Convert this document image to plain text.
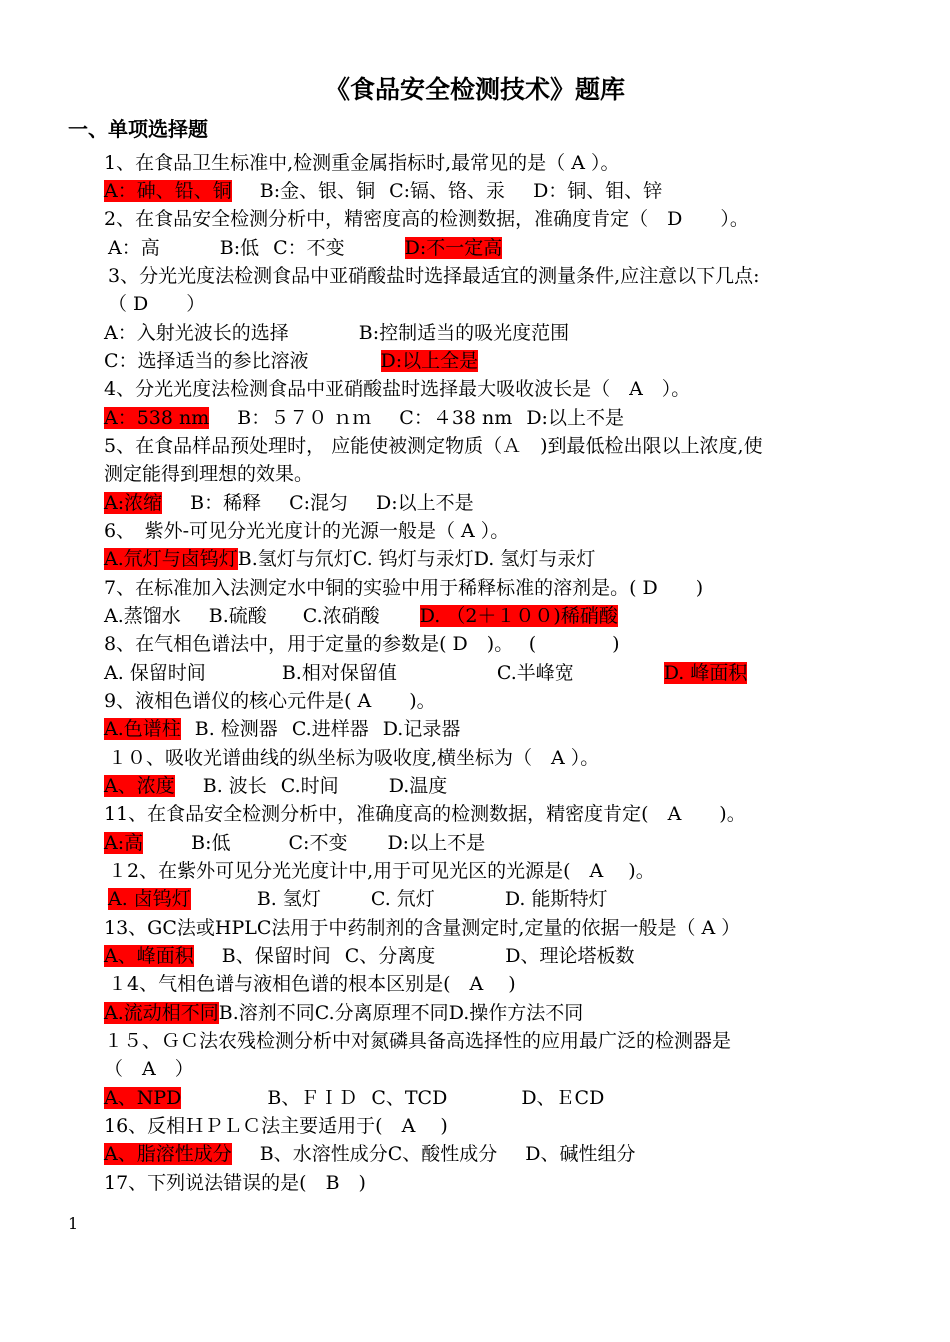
《食品安全检测技术》题库
一、单项选择题
1、在食品卫生标准中,检测重金属指标时,最常见的是（ A ）。
A：砷、铅、铜 B:金、银、铜 C:镉、铬、汞 D：铜、钼、锌
2、在食品安全检测分析中，精密度高的检测数据，准确度肯定（　D　　）。
A：高	B:低 C：不变	D:不一定高
3、分光光度法检测食品中亚硝酸盐时选择最适宜的测量条件,应注意以下几点:
（ D　　）
A：入射光波长的选择	B:控制适当的吸光度范围
C：选择适当的参比溶液	D:以上全是
4、分光光度法检测食品中亚硝酸盐时选择最大吸收波长是（　A　）。
A：538 nm B：５７０ ｎｍ C：４38 nm D:以上不是
5、在食品样品预处理时， 应能使被测定物质（Ａ　)到最低检出限以上浓度,使
测定能得到理想的效果。
A:浓缩 B：稀释 C:混匀 D:以上不是
6、　紫外-可见分光光度计的光源一般是（ A ）。
A.氘灯与卤钨灯B.氢灯与氘灯C. 钨灯与汞灯D. 氢灯与汞灯
7、在标准加入法测定水中铜的实验中用于稀释标准的溶剂是。( D　　)
A.蒸馏水 B.硫酸 C.浓硝酸 D. （2＋１００)稀硝酸
8、在气相色谱法中，用于定量的参数是( D　)。　 (　　　　)
A. 保留时间	B.相对保留值	C.半峰宽	D. 峰面积
9、液相色谱仪的核心元件是( A　　)。
A.色谱柱 B. 检测器 C.进样器 D.记录器
１０、吸收光谱曲线的纵坐标为吸收度,横坐标为（　A ）。
A、浓度 B. 波长 C.时间	D.温度
11、在食品安全检测分析中，准确度高的检测数据，精密度肯定(　A　　)。
A:高	B:低	C:不变 D:以上不是
１2、在紫外可见分光光度计中,用于可见光区的光源是(　A　 )。
A. 卤钨灯	B. 氢灯	C. 氘灯	D. 能斯特灯
13、GC法或HPLC法用于中药制剂的含量测定时,定量的依据一般是（ A ）
A、峰面积 B、保留时间 C、分离度	D、理论塔板数
１4、气相色谱与液相色谱的根本区别是(　A　 )
A.流动相不同B.溶剂不同C.分离原理不同D.操作方法不同
１５、ＧＣ法农残检测分析中对氮磷具备高选择性的应用最广泛的检测器是
（　A　）
A、NPD	B、ＦＩＤ C、TCD	D、ＥCD
16、反相ＨＰＬＣ法主要适用于(　A　 )
A、脂溶性成分 B、水溶性成分C、酸性成分 D、碱性组分
17、下列说法错误的是(　B　)
1
